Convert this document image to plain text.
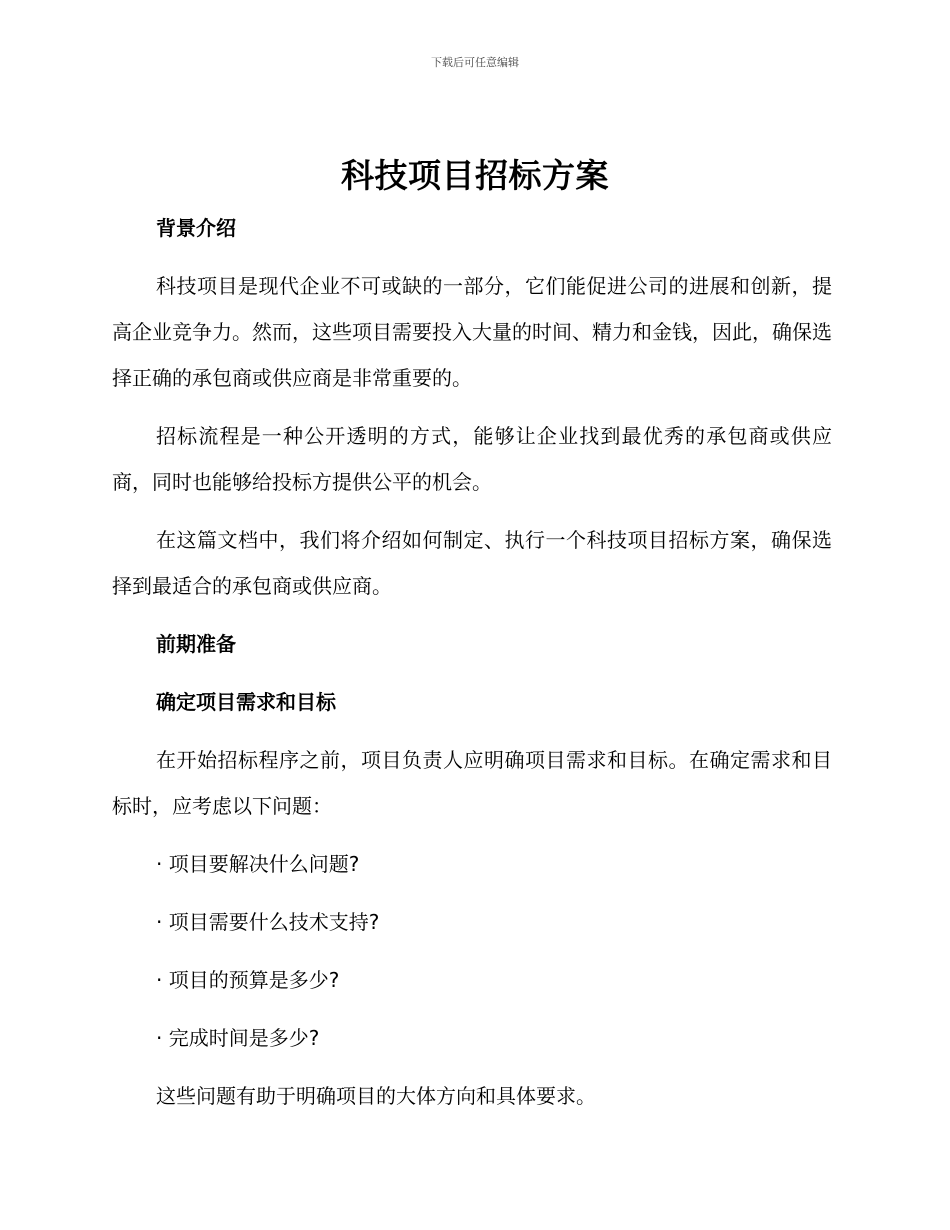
下载后可任意编辑
科技项目招标方案
背景介绍
科技项目是现代企业不可或缺的一部分，它们能促进公司的进展和创新，提高企业竞争力。然而，这些项目需要投入大量的时间、精力和金钱，因此，确保选择正确的承包商或供应商是非常重要的。
招标流程是一种公开透明的方式，能够让企业找到最优秀的承包商或供应商，同时也能够给投标方提供公平的机会。
在这篇文档中，我们将介绍如何制定、执行一个科技项目招标方案，确保选择到最适合的承包商或供应商。
前期准备
确定项目需求和目标
在开始招标程序之前，项目负责人应明确项目需求和目标。在确定需求和目标时，应考虑以下问题：
· 项目要解决什么问题?
· 项目需要什么技术支持?
· 项目的预算是多少?
· 完成时间是多少?
这些问题有助于明确项目的大体方向和具体要求。
